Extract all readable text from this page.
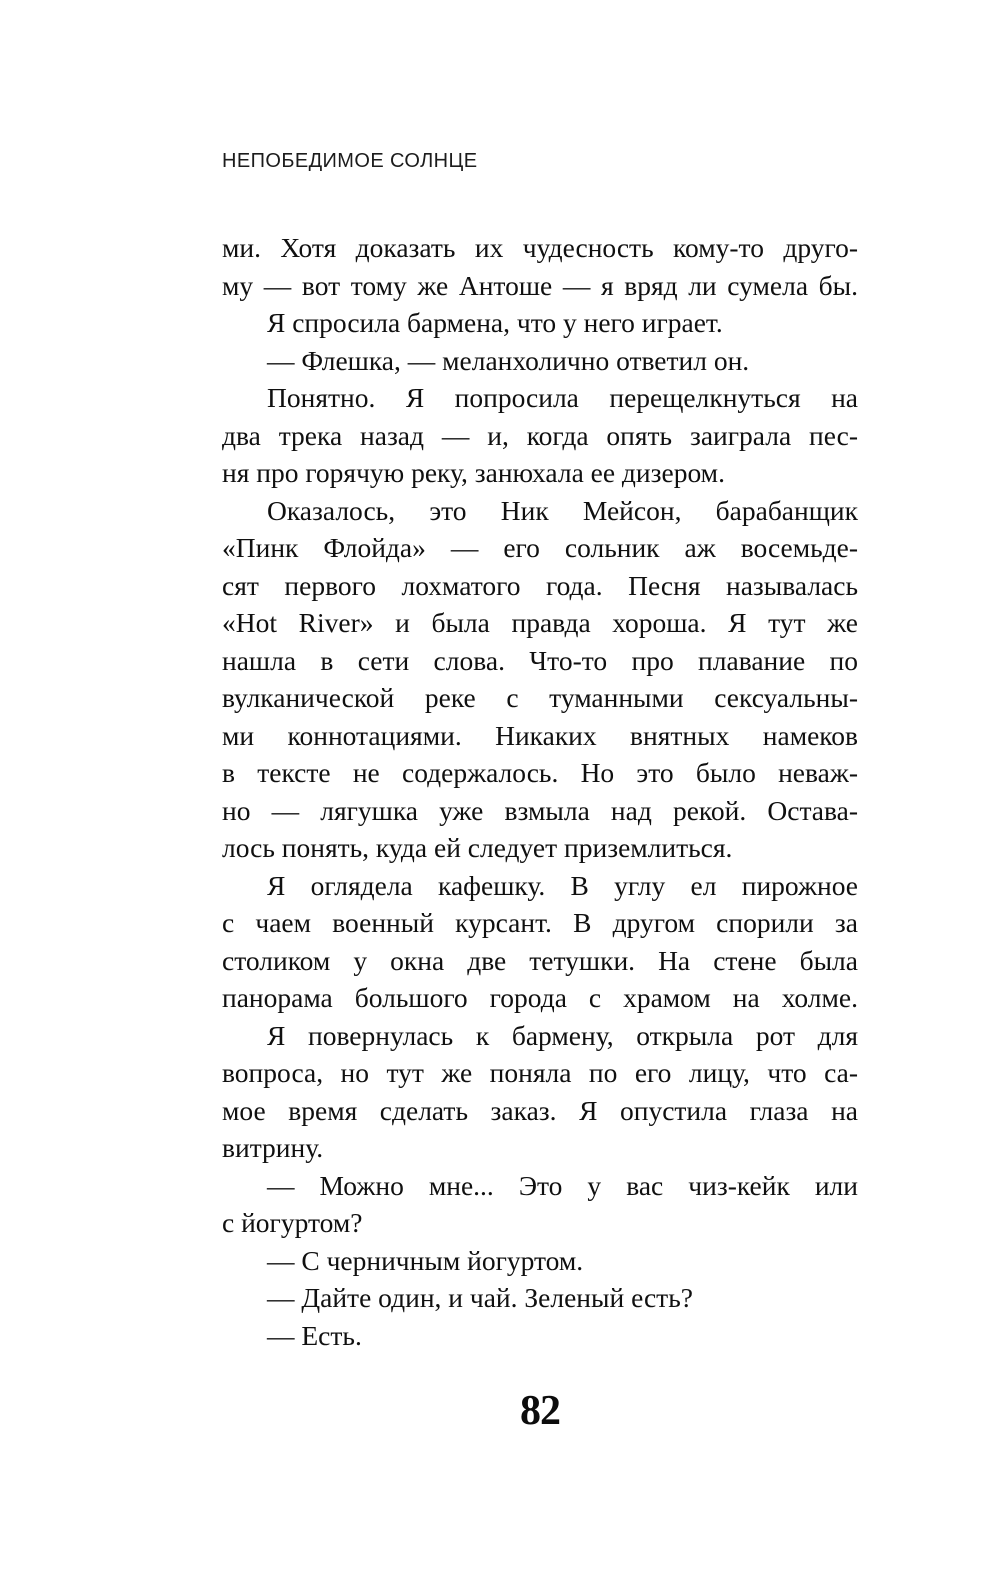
НЕПОБЕДИМОЕ СОЛНЦЕ
ми. Хотя доказать их чудесность кому-то друго-
му — вот тому же Антоше — я вряд ли сумела бы.
Я спросила бармена, что у него играет.
— Флешка, — меланхолично ответил он.
Понятно. Я попросила перещелкнуться на
два трека назад — и, когда опять заиграла пес-
ня про горячую реку, занюхала ее дизером.
Оказалось, это Ник Мейсон, барабанщик
«Пинк Флойда» — его сольник аж восемьде-
сят первого лохматого года. Песня называлась
«Hot River» и была правда хороша. Я тут же
нашла в сети слова. Что-то про плавание по
вулканической реке с туманными сексуальны-
ми коннотациями. Никаких внятных намеков
в тексте не содержалось. Но это было неваж-
но — лягушка уже взмыла над рекой. Остава-
лось понять, куда ей следует приземлиться.
Я оглядела кафешку. В углу ел пирожное
с чаем военный курсант. В другом спорили за
столиком у окна две тетушки. На стене была
панорама большого города с храмом на холме.
Я повернулась к бармену, открыла рот для
вопроса, но тут же поняла по его лицу, что са-
мое время сделать заказ. Я опустила глаза на
витрину.
— Можно мне... Это у вас чиз-кейк или
с йогуртом?
— С черничным йогуртом.
— Дайте один, и чай. Зеленый есть?
— Есть.
82
